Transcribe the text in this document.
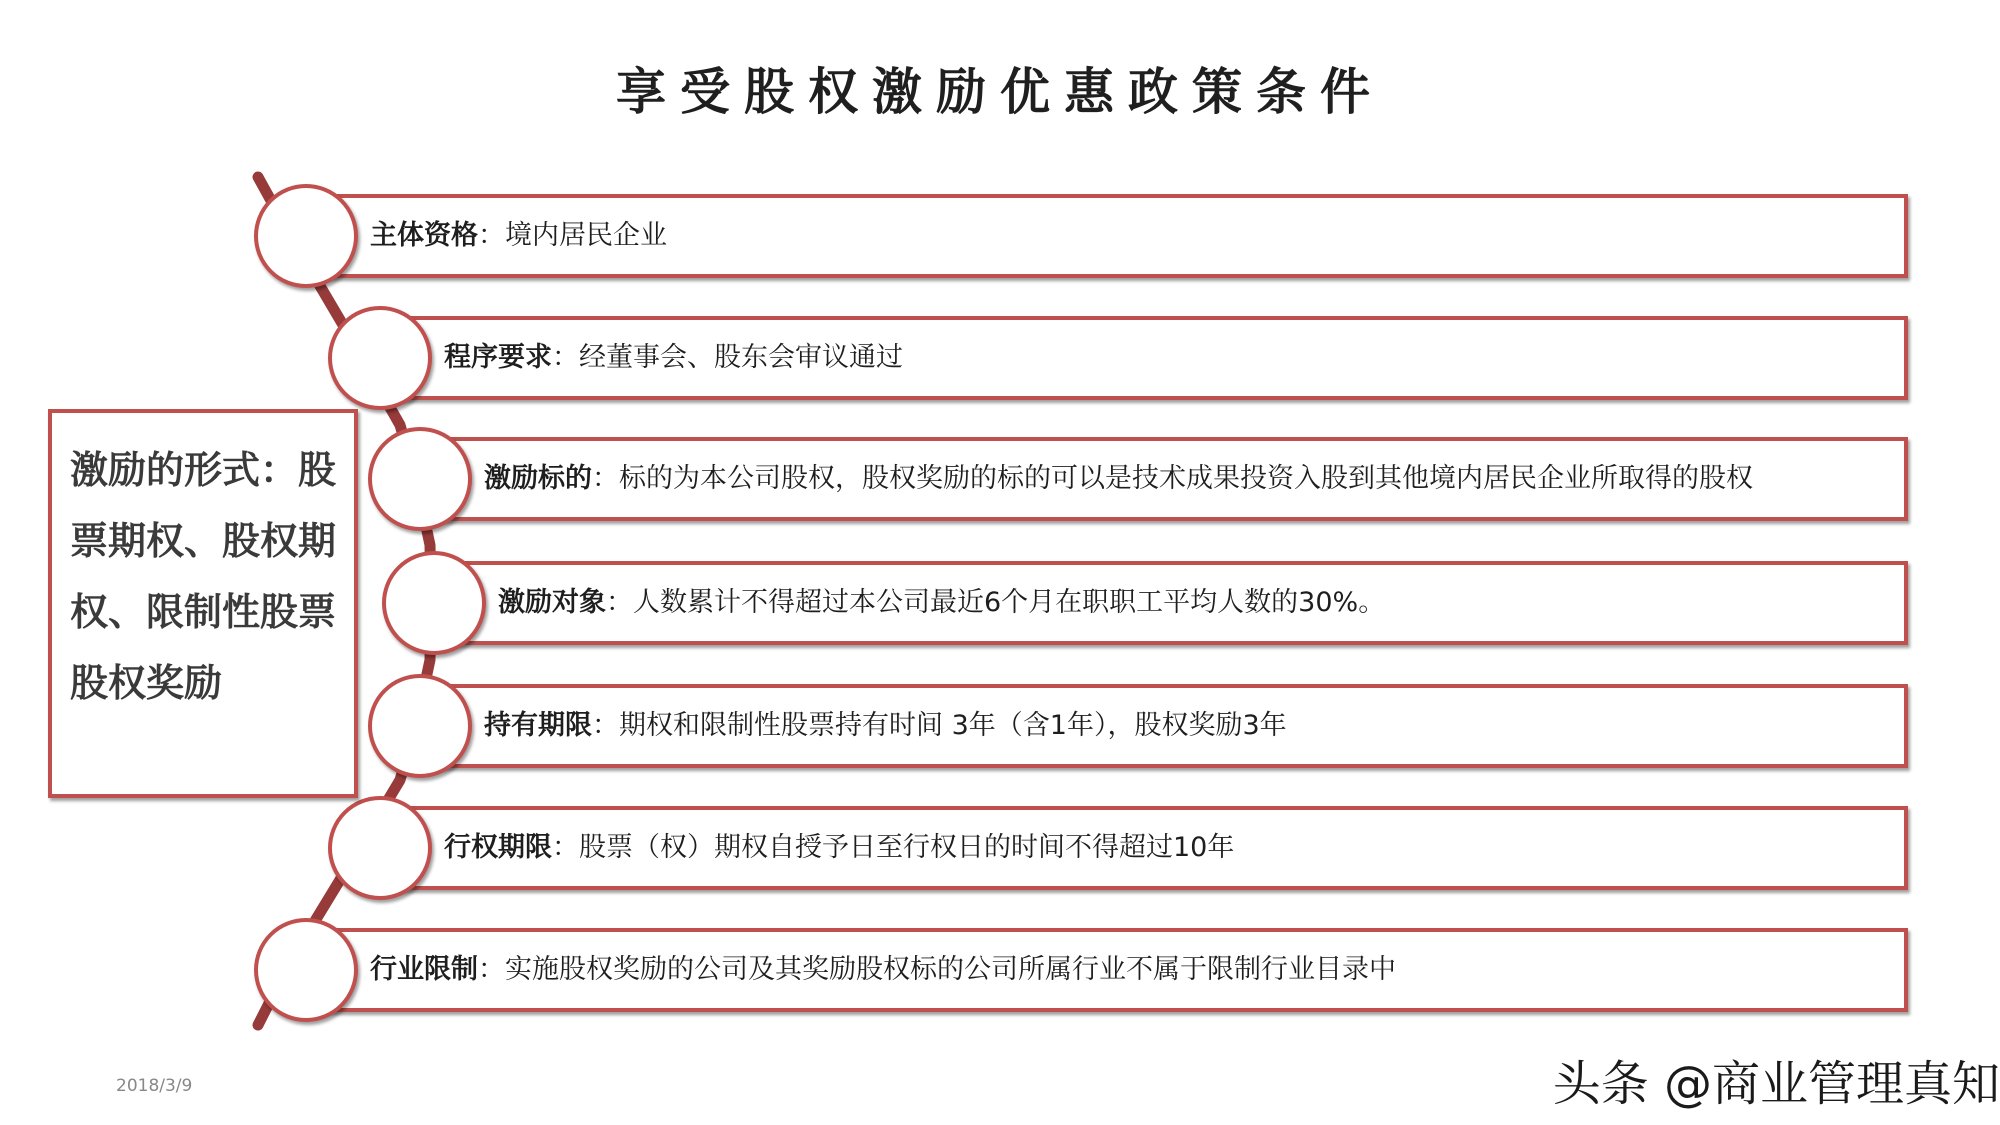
享受股权激励优惠政策条件
主体资格：境内居民企业
程序要求：经董事会、股东会审议通过
激励标的：标的为本公司股权，股权奖励的标的可以是技术成果投资入股到其他境内居民企业所取得的股权
激励对象：人数累计不得超过本公司最近6个月在职职工平均人数的30%。
持有期限：期权和限制性股票持有时间 3年（含1年），股权奖励3年
行权期限：股票（权）期权自授予日至行权日的时间不得超过10年
行业限制：实施股权奖励的公司及其奖励股权标的公司所属行业不属于限制行业目录中
激励的形式：股票期权、股权期权、限制性股票股权奖励
2018/3/9	头条 @商业管理真知
